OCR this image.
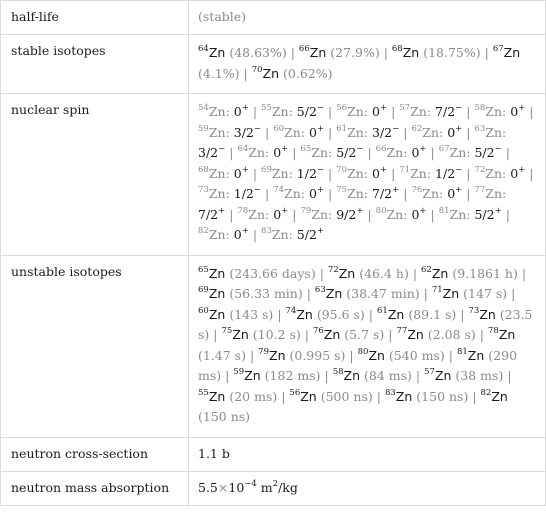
half-life	(stable)
stable isotopes	$^{64}$Zn (48.63%) | $^{66}$Zn (27.9%) | $^{68}$Zn (18.75%) | $^{67}$Zn (4.1%) | $^{70}$Zn (0.62%)
nuclear spin	$^{54}$Zn: 0+ | $^{55}$Zn: 5/2− | $^{56}$Zn: 0+ | $^{57}$Zn: 7/2− | $^{58}$Zn: 0+ | $^{59}$Zn: 3/2− | $^{60}$Zn: 0+ | $^{61}$Zn: 3/2− | $^{62}$Zn: 0+ | $^{63}$Zn: 3/2− | $^{64}$Zn: 0+ | $^{65}$Zn: 5/2− | $^{66}$Zn: 0+ | $^{67}$Zn: 5/2− | $^{68}$Zn: 0+ | $^{69}$Zn: 1/2− | $^{70}$Zn: 0+ | $^{71}$Zn: 1/2− | $^{72}$Zn: 0+ | $^{73}$Zn: 1/2− | $^{74}$Zn: 0+ | $^{75}$Zn: 7/2+ | $^{76}$Zn: 0+ | $^{77}$Zn: 7/2+ | $^{78}$Zn: 0+ | $^{79}$Zn: 9/2+ | $^{80}$Zn: 0+ | $^{81}$Zn: 5/2+ | $^{82}$Zn: 0+ | $^{83}$Zn: 5/2+
unstable isotopes	$^{65}$Zn (243.66 days) | $^{72}$Zn (46.4 h) | $^{62}$Zn (9.1861 h) | $^{69}$Zn (56.33 min) | $^{63}$Zn (38.47 min) | $^{71}$Zn (147 s) | $^{60}$Zn (143 s) | $^{74}$Zn (95.6 s) | $^{61}$Zn (89.1 s) | $^{73}$Zn (23.5 s) | $^{75}$Zn (10.2 s) | $^{76}$Zn (5.7 s) | $^{77}$Zn (2.08 s) | $^{78}$Zn (1.47 s) | $^{79}$Zn (0.995 s) | $^{80}$Zn (540 ms) | $^{81}$Zn (290 ms) | $^{59}$Zn (182 ms) | $^{58}$Zn (84 ms) | $^{57}$Zn (38 ms) | $^{55}$Zn (20 ms) | $^{56}$Zn (500 ns) | $^{83}$Zn (150 ns) | $^{82}$Zn (150 ns)
neutron cross-section	1.1 b
neutron mass absorption	$5.5\times 10^{-4}$ $m^2/kg$
